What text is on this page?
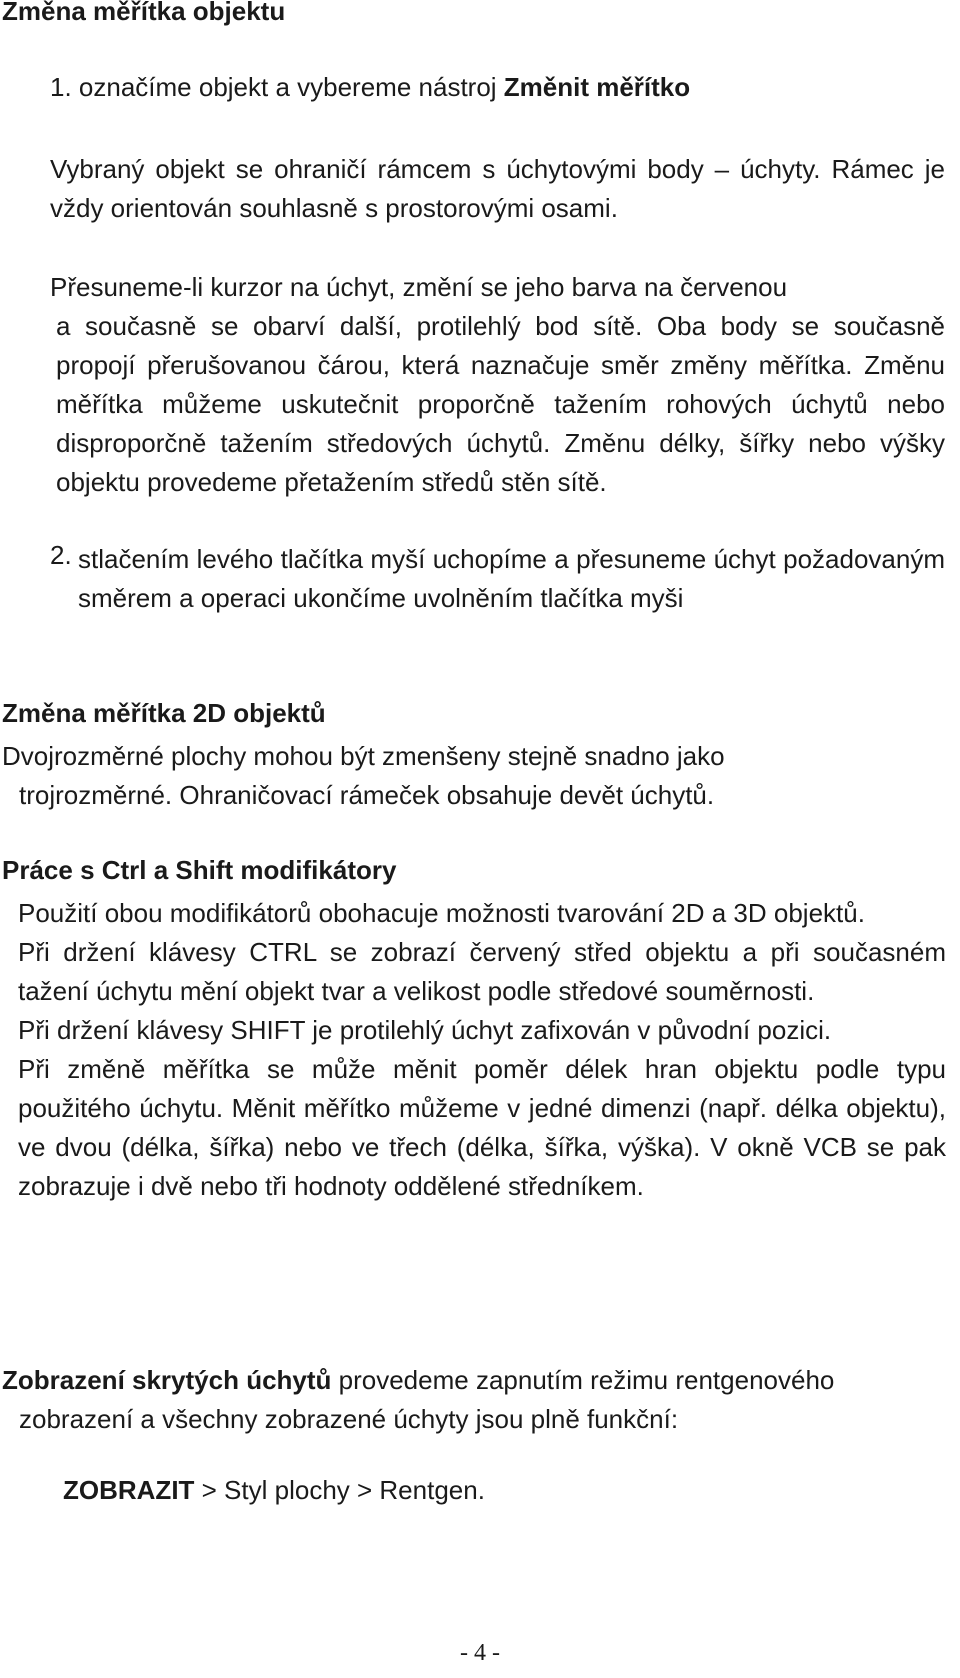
Změna měřítka objektu
1. označíme objekt a vybereme nástroj Změnit měřítko
Vybraný objekt se ohraničí rámcem s úchytovými body – úchyty. Rámec je vždy orientován souhlasně s prostorovými osami.
Přesuneme-li kurzor na úchyt, změní se jeho barva na červenou
a současně se obarví další, protilehlý bod sítě. Oba body se současně propojí přerušovanou čárou, která naznačuje směr změny měřítka. Změnu měřítka můžeme uskutečnit proporčně tažením rohových úchytů nebo disproporčně tažením středových úchytů. Změnu délky, šířky nebo výšky objektu provedeme přetažením středů stěn sítě.
2. stlačením levého tlačítka myší uchopíme a přesuneme úchyt požadovaným směrem a operaci ukončíme uvolněním tlačítka myši
Změna měřítka 2D objektů
Dvojrozměrné plochy mohou být zmenšeny stejně snadno jako
trojrozměrné. Ohraničovací rámeček obsahuje devět úchytů.
Práce s Ctrl a Shift modifikátory

Použití obou modifikátorů obohacuje možnosti tvarování 2D a 3D objektů.

Při držení klávesy CTRL se zobrazí červený střed objektu a při současném tažení úchytu mění objekt tvar a velikost podle středové souměrnosti.

Při držení klávesy SHIFT je protilehlý úchyt zafixován v původní pozici.

Při změně měřítka se může měnit poměr délek hran objektu podle typu použitého úchytu. Měnit měřítko můžeme v jedné dimenzi (např. délka objektu), ve dvou (délka, šířka) nebo ve třech (délka, šířka, výška). V okně VCB se pak zobrazuje i dvě nebo tři hodnoty oddělené středníkem.

Zobrazení skrytých úchytů provedeme zapnutím režimu rentgenového
zobrazení a všechny zobrazené úchyty jsou plně funkční:
ZOBRAZIT > Styl plochy > Rentgen.
- 4 -
